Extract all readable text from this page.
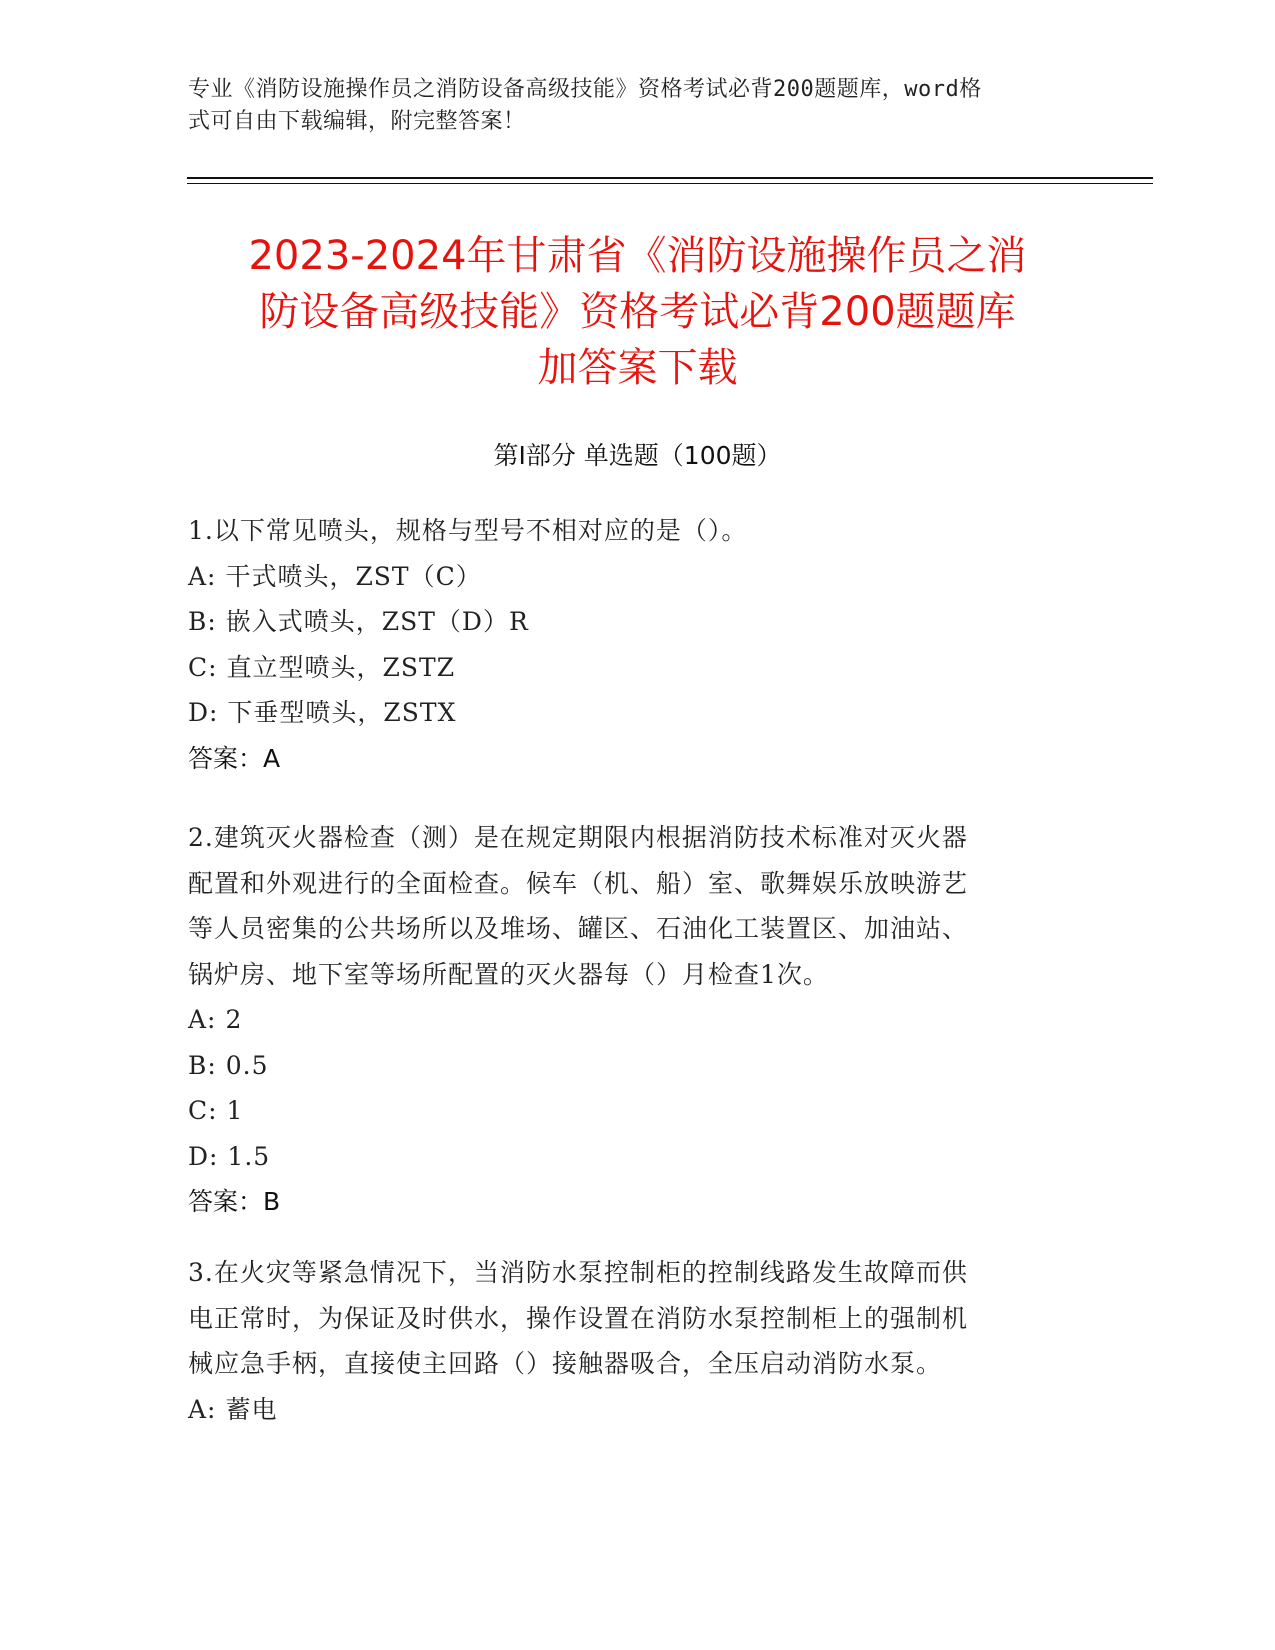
专业《消防设施操作员之消防设备高级技能》资格考试必背200题题库，word格
式可自由下载编辑，附完整答案！
2023-2024年甘肃省《消防设施操作员之消
防设备高级技能》资格考试必背200题题库
加答案下载
第Ⅰ部分 单选题（100题）
1.以下常见喷头，规格与型号不相对应的是（）。
A: 干式喷头，ZST（C）
B: 嵌入式喷头，ZST（D）R
C: 直立型喷头，ZSTZ
D: 下垂型喷头，ZSTX
答案：A
2.建筑灭火器检查（测）是在规定期限内根据消防技术标准对灭火器
配置和外观进行的全面检查。候车（机、船）室、歌舞娱乐放映游艺
等人员密集的公共场所以及堆场、罐区、石油化工装置区、加油站、
锅炉房、地下室等场所配置的灭火器每（）月检查1次。
A: 2
B: 0.5
C: 1
D: 1.5
答案：B
3.在火灾等紧急情况下，当消防水泵控制柜的控制线路发生故障而供
电正常时，为保证及时供水，操作设置在消防水泵控制柜上的强制机
械应急手柄，直接使主回路（）接触器吸合，全压启动消防水泵。
A: 蓄电
